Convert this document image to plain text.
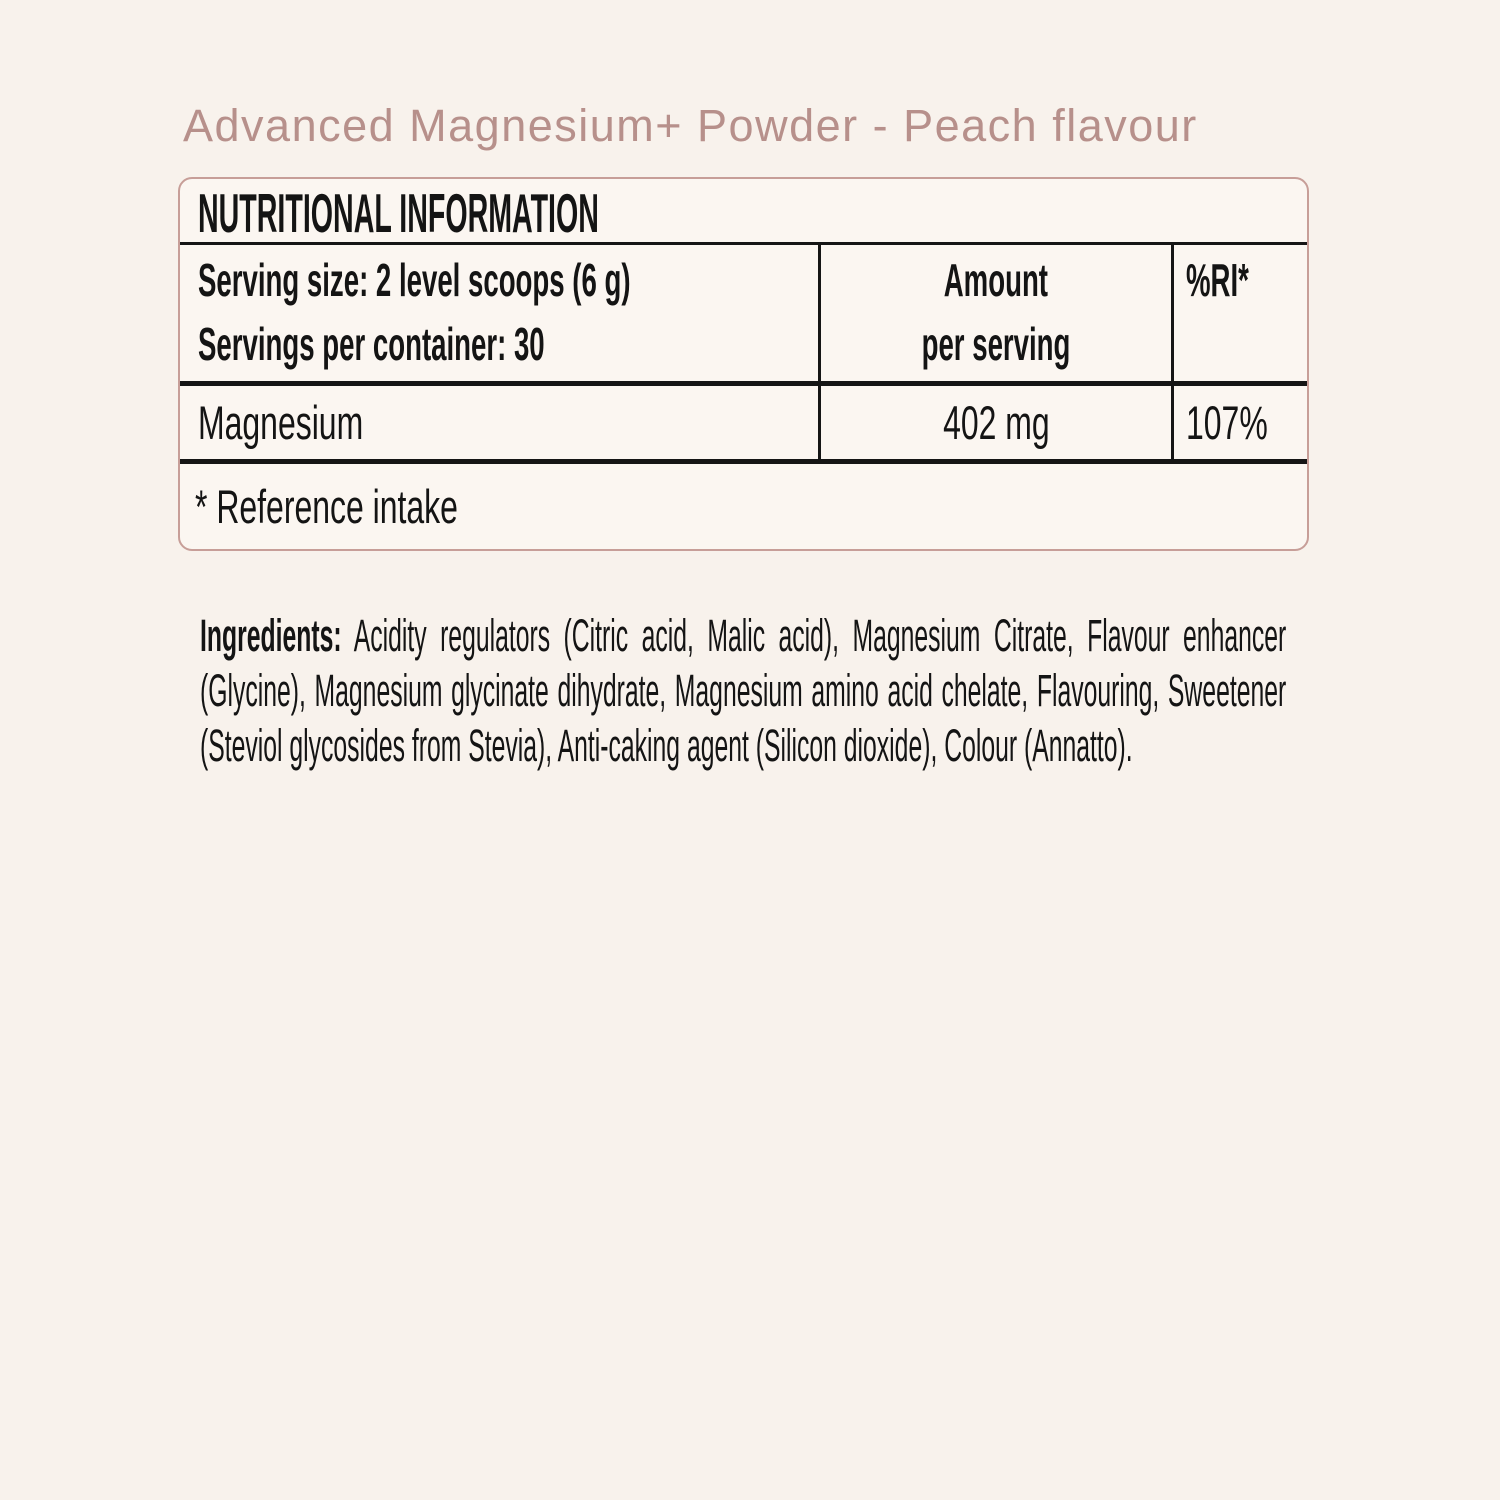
Advanced Magnesium+ Powder - Peach flavour
NUTRITIONAL INFORMATION
Serving size: 2 level scoops (6 g)
Servings per container: 30
Amount
per serving
%RI*
Magnesium	402 mg	107%
* Reference intake

Ingredients: Acidity regulators (Citric acid, Malic acid), Magnesium Citrate, Flavour enhancer (Glycine), Magnesium glycinate dihydrate, Magnesium amino acid chelate, Flavouring, Sweetener (Steviol glycosides from Stevia), Anti-caking agent (Silicon dioxide), Colour (Annatto).
